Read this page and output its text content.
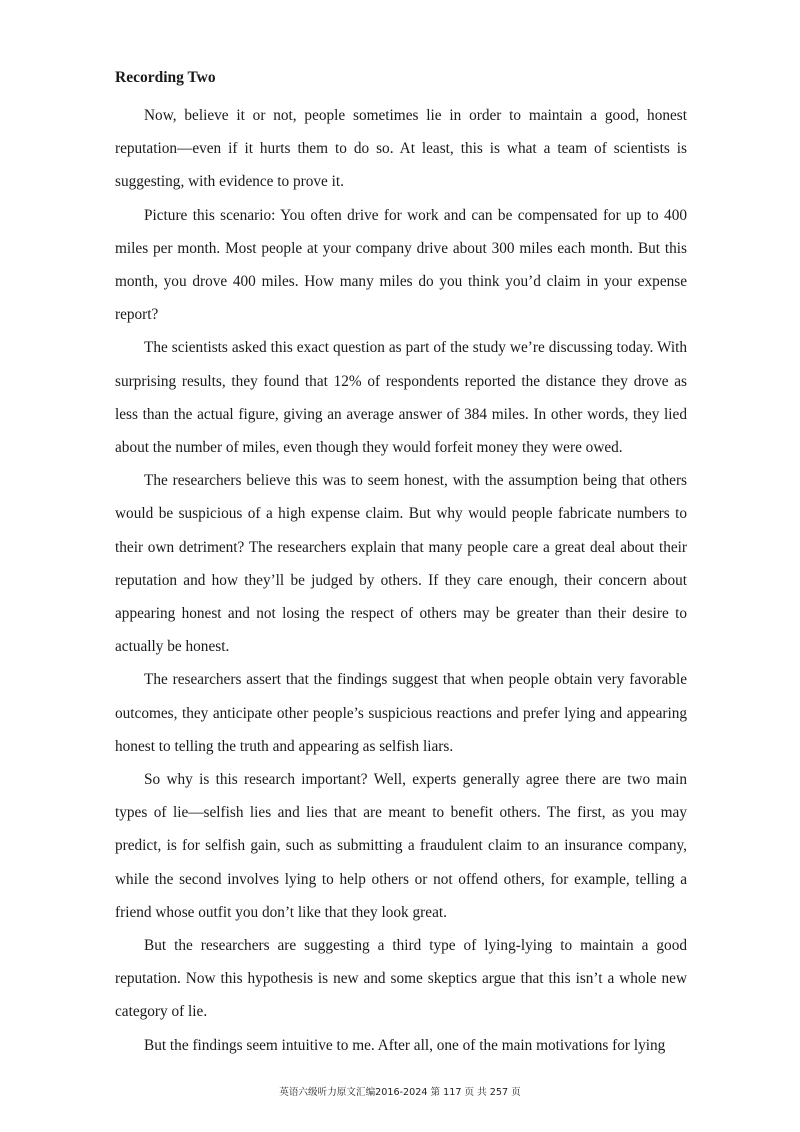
Recording Two

Now, believe it or not, people sometimes lie in order to maintain a good, honest reputation—even if it hurts them to do so. At least, this is what a team of scientists is suggesting, with evidence to prove it.

Picture this scenario: You often drive for work and can be compensated for up to 400 miles per month. Most people at your company drive about 300 miles each month. But this month, you drove 400 miles. How many miles do you think you’d claim in your expense report?

The scientists asked this exact question as part of the study we’re discussing today. With surprising results, they found that 12% of respondents reported the distance they drove as less than the actual figure, giving an average answer of 384 miles. In other words, they lied about the number of miles, even though they would forfeit money they were owed.

The researchers believe this was to seem honest, with the assumption being that others would be suspicious of a high expense claim. But why would people fabricate numbers to their own detriment? The researchers explain that many people care a great deal about their reputation and how they’ll be judged by others. If they care enough, their concern about appearing honest and not losing the respect of others may be greater than their desire to actually be honest.

The researchers assert that the findings suggest that when people obtain very favorable outcomes, they anticipate other people’s suspicious reactions and prefer lying and appearing honest to telling the truth and appearing as selfish liars.

So why is this research important? Well, experts generally agree there are two main types of lie—selfish lies and lies that are meant to benefit others. The first, as you may predict, is for selfish gain, such as submitting a fraudulent claim to an insurance company, while the second involves lying to help others or not offend others, for example, telling a friend whose outfit you don’t like that they look great.

But the researchers are suggesting a third type of lying-lying to maintain a good reputation. Now this hypothesis is new and some skeptics argue that this isn’t a whole new category of lie.

But the findings seem intuitive to me. After all, one of the main motivations for lying

英语六级听力原文汇编2016-2024 第 117 页 共 257 页
